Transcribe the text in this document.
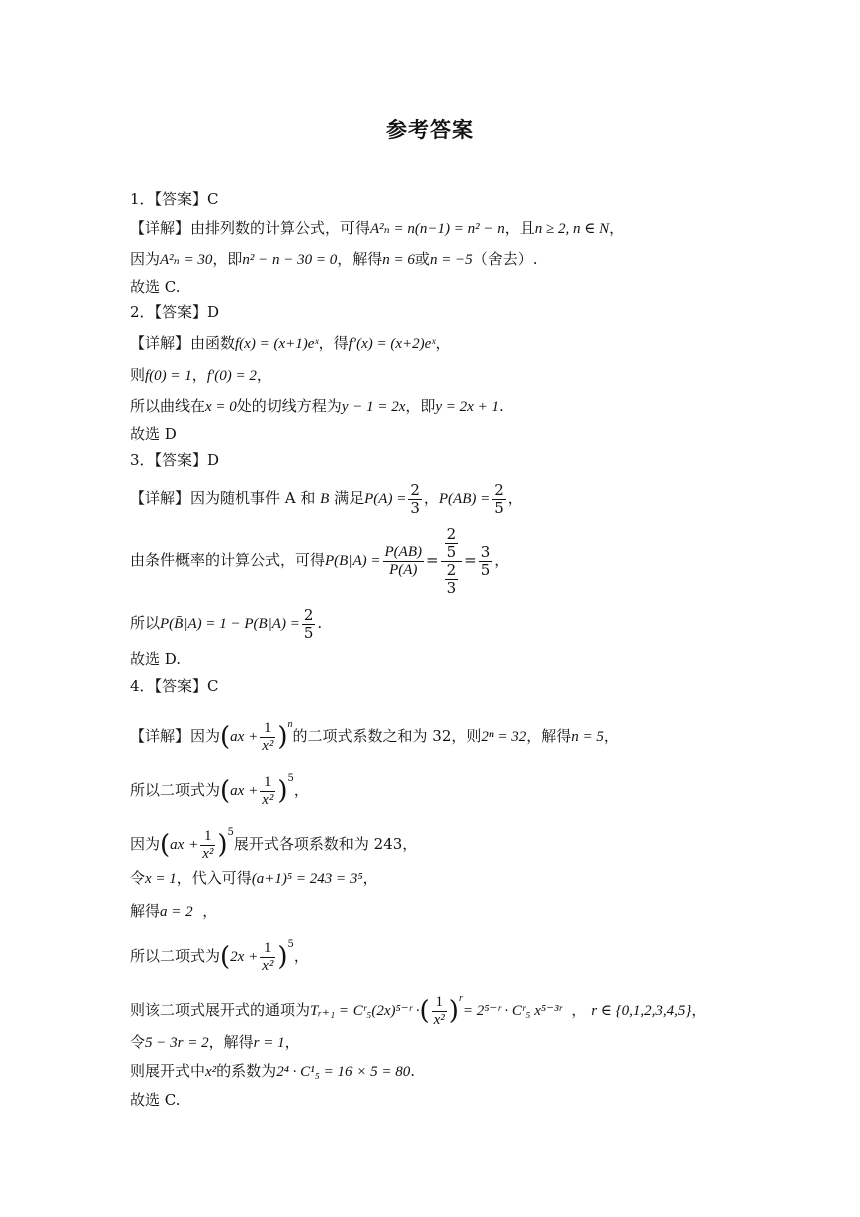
参考答案
1．【答案】C
【详解】由排列数的计算公式，可得A²ₙ = n(n−1) = n² − n，且n ≥ 2, n ∈ N，
因为A²ₙ = 30，即n² − n − 30 = 0，解得n = 6或n = −5（舍去）.
故选 C.
2．【答案】D
【详解】由函数f(x) = (x+1)eˣ，得f′(x) = (x+2)eˣ，
则f(0) = 1，f′(0) = 2，
所以曲线在x = 0处的切线方程为y − 1 = 2x，即y = 2x + 1.
故选 D
3．【答案】D
【详解】因为随机事件 A 和 B 满足$P(A) = \frac{2}{3}$ ，$P(AB) = \frac{2}{5}$ ，
由条件概率的计算公式，可得$P(B|A) = \frac{P(AB)}{P(A)} = \frac{\frac{2}{5}}{\frac{2}{3}} = \frac{3}{5}$ ，
所以P(B̄|A) = $1 - P(B|A) = \frac{2}{5}$ .
故选 D.
4．【答案】C
【详解】因为$(ax + \frac{1}{\text{x²}} )^n$的二项式系数之和为 32，则2ⁿ = 32，解得n = 5，
所以二项式为$(ax + \frac{1}{\text{x²}} )^5$，
因为$(ax + \frac{1}{\text{x²}} )^5$展开式各项系数和为 243，
令x = 1，代入可得(a+1)⁵ = 243 = 3⁵，
解得a = 2 ，
所以二项式为$(2x + \frac{1}{\text{x²}} )^5$，
则该二项式展开式的通项为Tᵣ₊₁ = Cʳ₅(2x)⁵⁻ʳ ·( $\frac{1}{\text{x²}} )^r=$ 2⁵⁻ʳ · Cʳ₅ x⁵⁻³ʳ ， r ∈ {0,1,2,3,4,5}，
令5 − 3r = 2，解得r = 1，
则展开式中x²的系数为2⁴ · C¹₅ = 16 × 5 = 80.
故选 C.
